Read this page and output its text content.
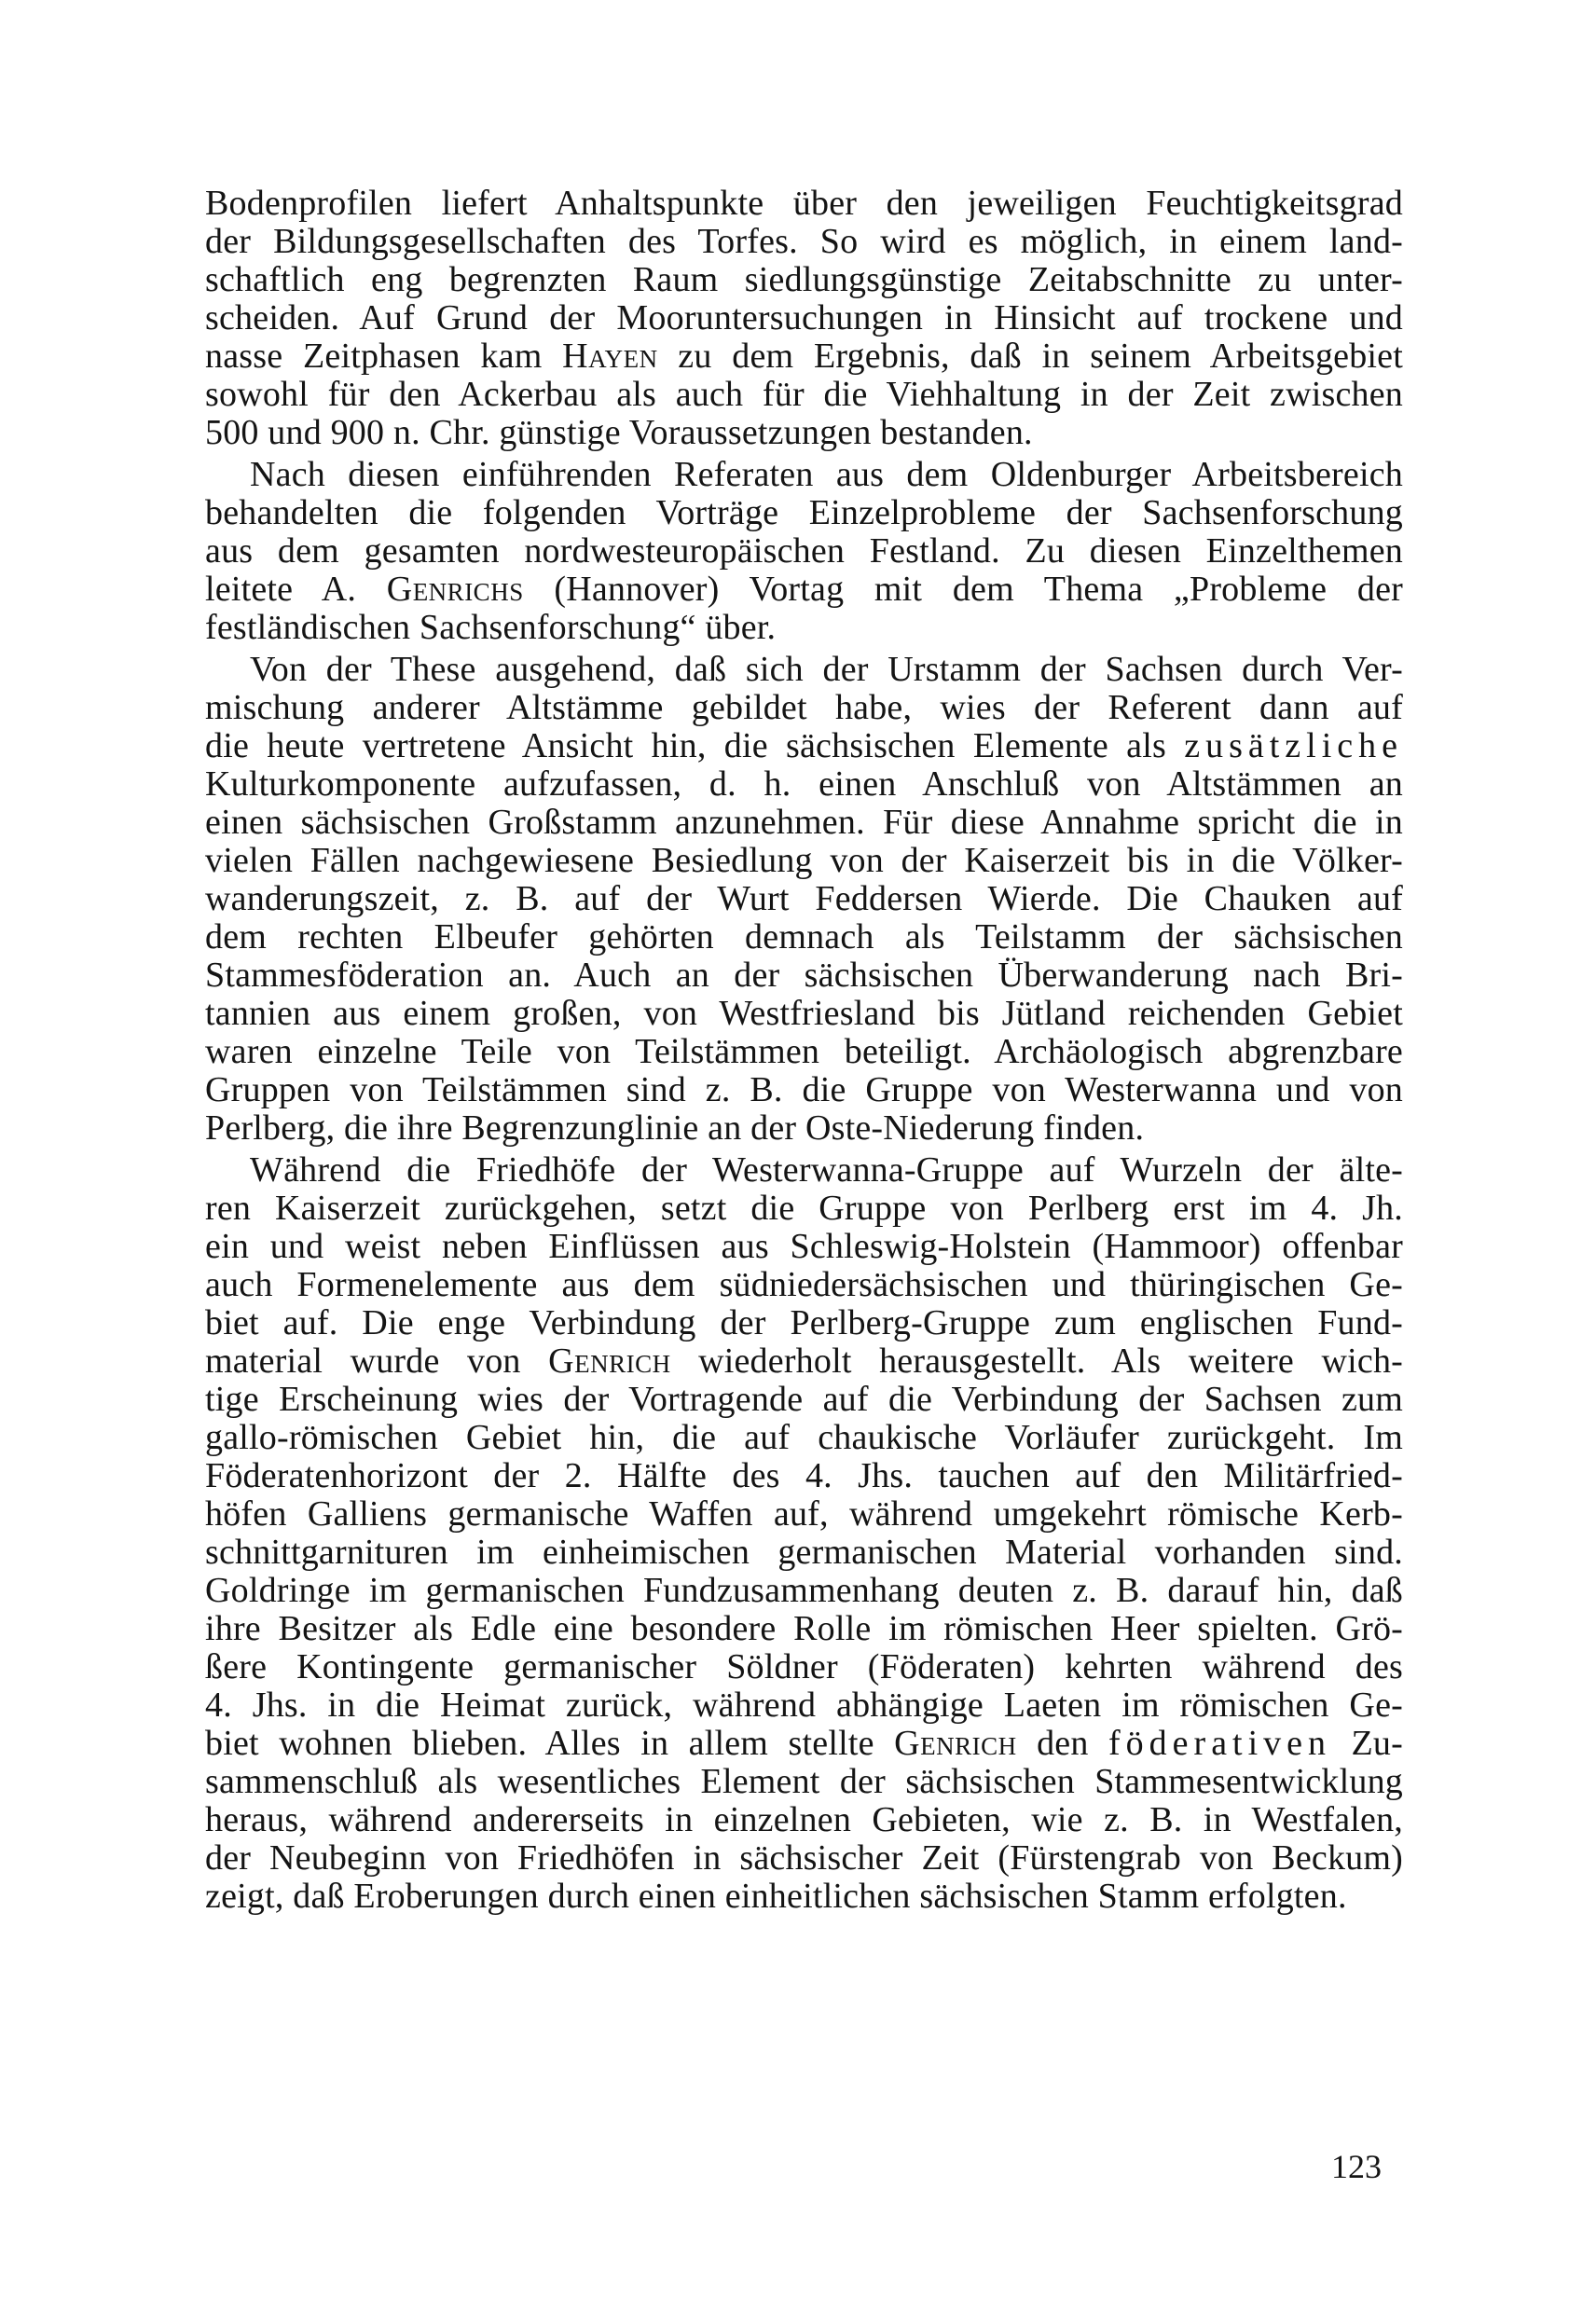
Bodenprofilen liefert Anhaltspunkte über den jeweiligen Feuchtigkeitsgrad
der Bildungsgesellschaften des Torfes. So wird es möglich, in einem land-
schaftlich eng begrenzten Raum siedlungsgünstige Zeitabschnitte zu unter-
scheiden. Auf Grund der Mooruntersuchungen in Hinsicht auf trockene und
nasse Zeitphasen kam Hayen zu dem Ergebnis, daß in seinem Arbeitsgebiet
sowohl für den Ackerbau als auch für die Viehhaltung in der Zeit zwischen
500 und 900 n. Chr. günstige Voraussetzungen bestanden.
Nach diesen einführenden Referaten aus dem Oldenburger Arbeitsbereich
behandelten die folgenden Vorträge Einzelprobleme der Sachsenforschung
aus dem gesamten nordwesteuropäischen Festland. Zu diesen Einzelthemen
leitete A. Genrichs (Hannover) Vortag mit dem Thema „Probleme der
festländischen Sachsenforschung“ über.
Von der These ausgehend, daß sich der Urstamm der Sachsen durch Ver-
mischung anderer Altstämme gebildet habe, wies der Referent dann auf
die heute vertretene Ansicht hin, die sächsischen Elemente als zusätzliche
Kulturkomponente aufzufassen, d. h. einen Anschluß von Altstämmen an
einen sächsischen Großstamm anzunehmen. Für diese Annahme spricht die in
vielen Fällen nachgewiesene Besiedlung von der Kaiserzeit bis in die Völker-
wanderungszeit, z. B. auf der Wurt Feddersen Wierde. Die Chauken auf
dem rechten Elbeufer gehörten demnach als Teilstamm der sächsischen
Stammesföderation an. Auch an der sächsischen Überwanderung nach Bri-
tannien aus einem großen, von Westfriesland bis Jütland reichenden Gebiet
waren einzelne Teile von Teilstämmen beteiligt. Archäologisch abgrenzbare
Gruppen von Teilstämmen sind z. B. die Gruppe von Westerwanna und von
Perlberg, die ihre Begrenzunglinie an der Oste-Niederung finden.
Während die Friedhöfe der Westerwanna-Gruppe auf Wurzeln der älte-
ren Kaiserzeit zurückgehen, setzt die Gruppe von Perlberg erst im 4. Jh.
ein und weist neben Einflüssen aus Schleswig-Holstein (Hammoor) offenbar
auch Formenelemente aus dem südniedersächsischen und thüringischen Ge-
biet auf. Die enge Verbindung der Perlberg-Gruppe zum englischen Fund-
material wurde von Genrich wiederholt herausgestellt. Als weitere wich-
tige Erscheinung wies der Vortragende auf die Verbindung der Sachsen zum
gallo-römischen Gebiet hin, die auf chaukische Vorläufer zurückgeht. Im
Föderatenhorizont der 2. Hälfte des 4. Jhs. tauchen auf den Militärfried-
höfen Galliens germanische Waffen auf, während umgekehrt römische Kerb-
schnittgarnituren im einheimischen germanischen Material vorhanden sind.
Goldringe im germanischen Fundzusammenhang deuten z. B. darauf hin, daß
ihre Besitzer als Edle eine besondere Rolle im römischen Heer spielten. Grö-
ßere Kontingente germanischer Söldner (Föderaten) kehrten während des
4. Jhs. in die Heimat zurück, während abhängige Laeten im römischen Ge-
biet wohnen blieben. Alles in allem stellte Genrich den föderativen Zu-
sammenschluß als wesentliches Element der sächsischen Stammesentwicklung
heraus, während andererseits in einzelnen Gebieten, wie z. B. in Westfalen,
der Neubeginn von Friedhöfen in sächsischer Zeit (Fürstengrab von Beckum)
zeigt, daß Eroberungen durch einen einheitlichen sächsischen Stamm erfolgten.
123
